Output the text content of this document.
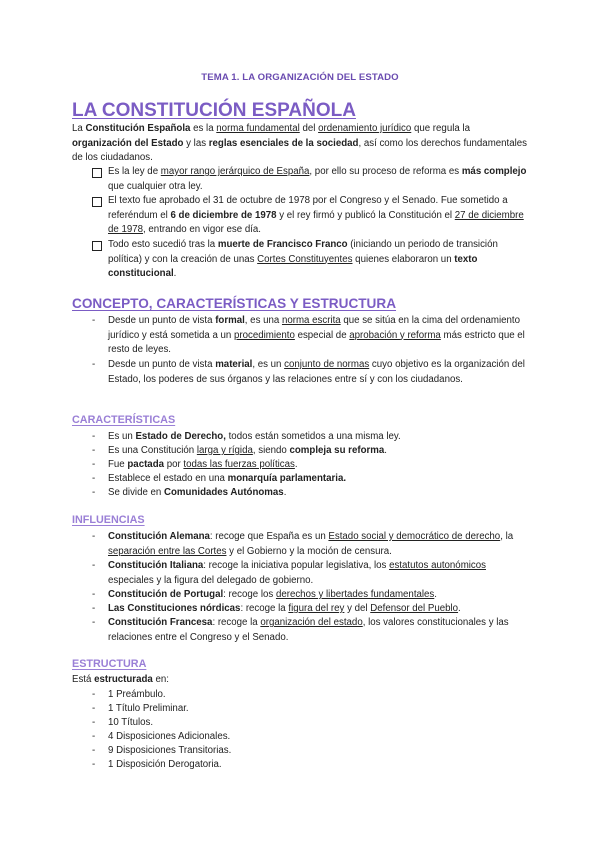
TEMA 1. LA ORGANIZACIÓN DEL ESTADO
LA CONSTITUCIÓN ESPAÑOLA
La Constitución Española es la norma fundamental del ordenamiento jurídico que regula la organización del Estado y las reglas esenciales de la sociedad, así como los derechos fundamentales de los ciudadanos.
Es la ley de mayor rango jerárquico de España, por ello su proceso de reforma es más complejo que cualquier otra ley.
El texto fue aprobado el 31 de octubre de 1978 por el Congreso y el Senado. Fue sometido a referéndum el 6 de diciembre de 1978 y el rey firmó y publicó la Constitución el 27 de diciembre de 1978, entrando en vigor ese día.
Todo esto sucedió tras la muerte de Francisco Franco (iniciando un periodo de transición política) y con la creación de unas Cortes Constituyentes quienes elaboraron un texto constitucional.
CONCEPTO, CARACTERÍSTICAS Y ESTRUCTURA
- Desde un punto de vista formal, es una norma escrita que se sitúa en la cima del ordenamiento jurídico y está sometida a un procedimiento especial de aprobación y reforma más estricto que el resto de leyes.
- Desde un punto de vista material, es un conjunto de normas cuyo objetivo es la organización del Estado, los poderes de sus órganos y las relaciones entre sí y con los ciudadanos.
CARACTERÍSTICAS
- Es un Estado de Derecho, todos están sometidos a una misma ley.
- Es una Constitución larga y rígida, siendo compleja su reforma.
- Fue pactada por todas las fuerzas políticas.
- Establece el estado en una monarquía parlamentaria.
- Se divide en Comunidades Autónomas.
INFLUENCIAS
- Constitución Alemana: recoge que España es un Estado social y democrático de derecho, la separación entre las Cortes y el Gobierno y la moción de censura.
- Constitución Italiana: recoge la iniciativa popular legislativa, los estatutos autonómicos especiales y la figura del delegado de gobierno.
- Constitución de Portugal: recoge los derechos y libertades fundamentales.
- Las Constituciones nórdicas: recoge la figura del rey y del Defensor del Pueblo.
- Constitución Francesa: recoge la organización del estado, los valores constitucionales y las relaciones entre el Congreso y el Senado.
ESTRUCTURA
Está estructurada en:
- 1 Preámbulo.
- 1 Título Preliminar.
- 10 Títulos.
- 4 Disposiciones Adicionales.
- 9 Disposiciones Transitorias.
- 1 Disposición Derogatoria.
